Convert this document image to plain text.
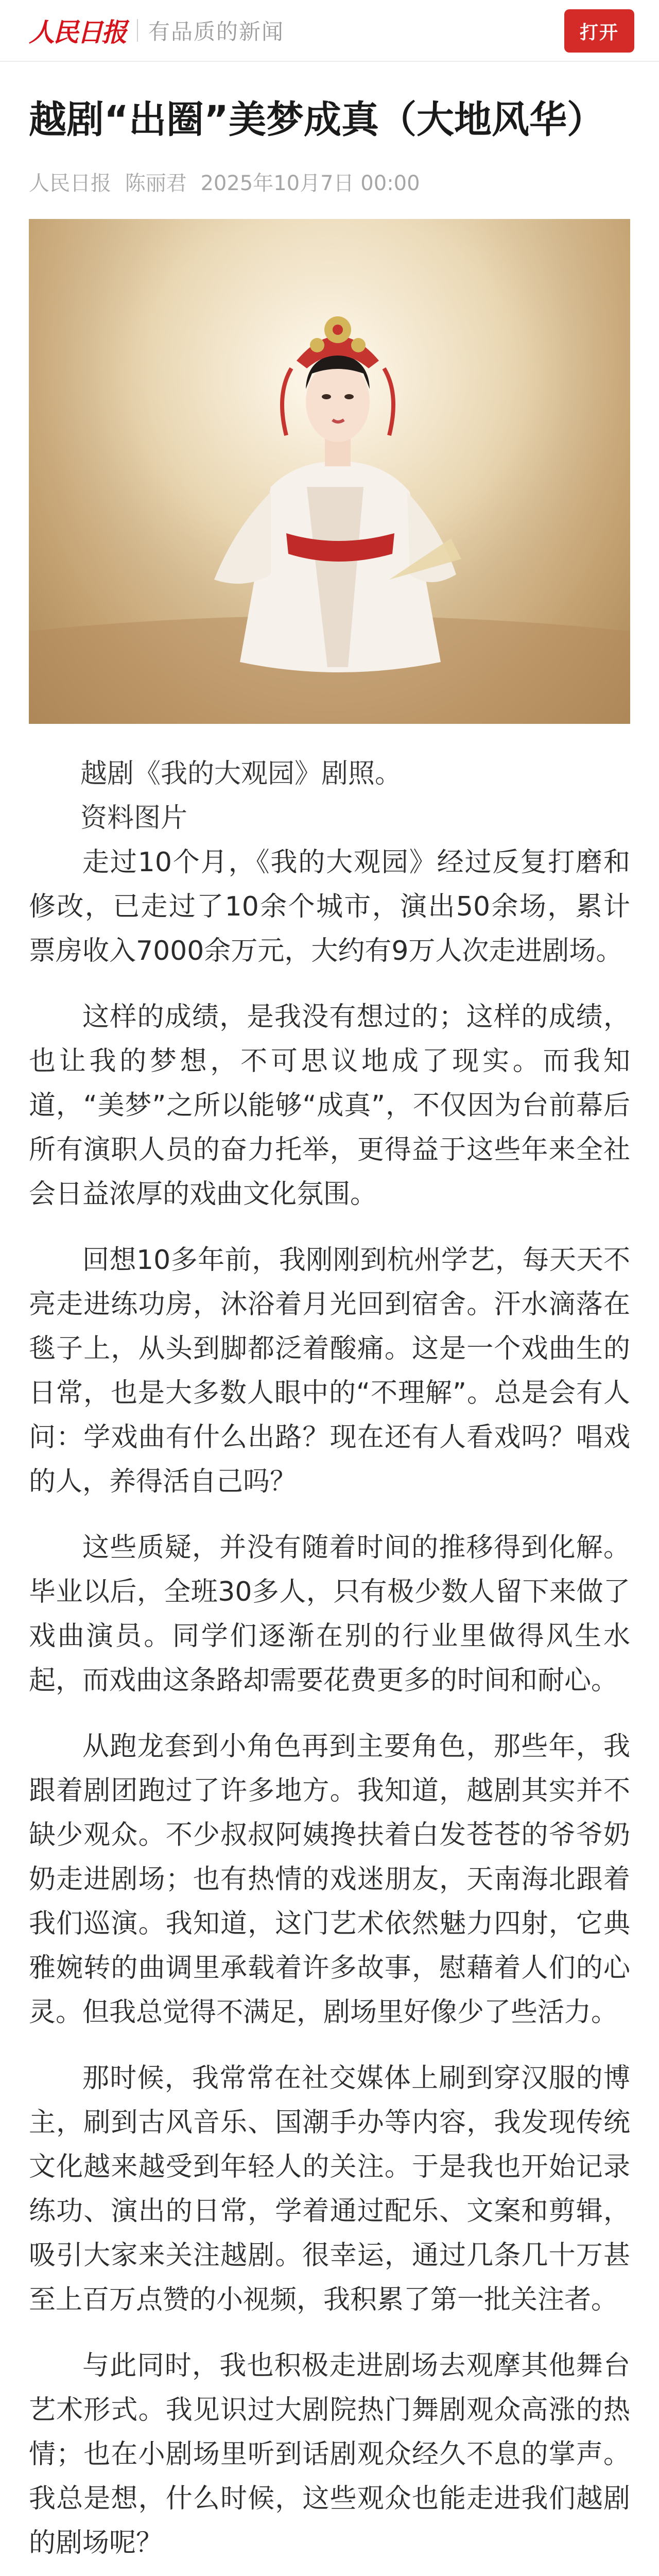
人民日报 有品质的新闻	打开
越剧“出圈”美梦成真（大地风华）
人民日报 陈丽君 2025年10月7日 00:00

越剧《我的大观园》剧照。
资料图片

走过10个月，《我的大观园》经过反复打磨和修改，已走过了10余个城市，演出50余场，累计票房收入7000余万元，大约有9万人次走进剧场。

这样的成绩，是我没有想过的；这样的成绩，也让我的梦想，不可思议地成了现实。而我知道，“美梦”之所以能够“成真”，不仅因为台前幕后所有演职人员的奋力托举，更得益于这些年来全社会日益浓厚的戏曲文化氛围。

回想10多年前，我刚刚到杭州学艺，每天天不亮走进练功房，沐浴着月光回到宿舍。汗水滴落在毯子上，从头到脚都泛着酸痛。这是一个戏曲生的日常，也是大多数人眼中的“不理解”。总是会有人问：学戏曲有什么出路？现在还有人看戏吗？唱戏的人，养得活自己吗？

这些质疑，并没有随着时间的推移得到化解。毕业以后，全班30多人，只有极少数人留下来做了戏曲演员。同学们逐渐在别的行业里做得风生水起，而戏曲这条路却需要花费更多的时间和耐心。

从跑龙套到小角色再到主要角色，那些年，我跟着剧团跑过了许多地方。我知道，越剧其实并不缺少观众。不少叔叔阿姨搀扶着白发苍苍的爷爷奶奶走进剧场；也有热情的戏迷朋友，天南海北跟着我们巡演。我知道，这门艺术依然魅力四射，它典雅婉转的曲调里承载着许多故事，慰藉着人们的心灵。但我总觉得不满足，剧场里好像少了些活力。

那时候，我常常在社交媒体上刷到穿汉服的博主，刷到古风音乐、国潮手办等内容，我发现传统文化越来越受到年轻人的关注。于是我也开始记录练功、演出的日常，学着通过配乐、文案和剪辑，吸引大家来关注越剧。很幸运，通过几条几十万甚至上百万点赞的小视频，我积累了第一批关注者。

与此同时，我也积极走进剧场去观摩其他舞台艺术形式。我见识过大剧院热门舞剧观众高涨的热情；也在小剧场里听到话剧观众经久不息的掌声。我总是想，什么时候，这些观众也能走进我们越剧的剧场呢？
